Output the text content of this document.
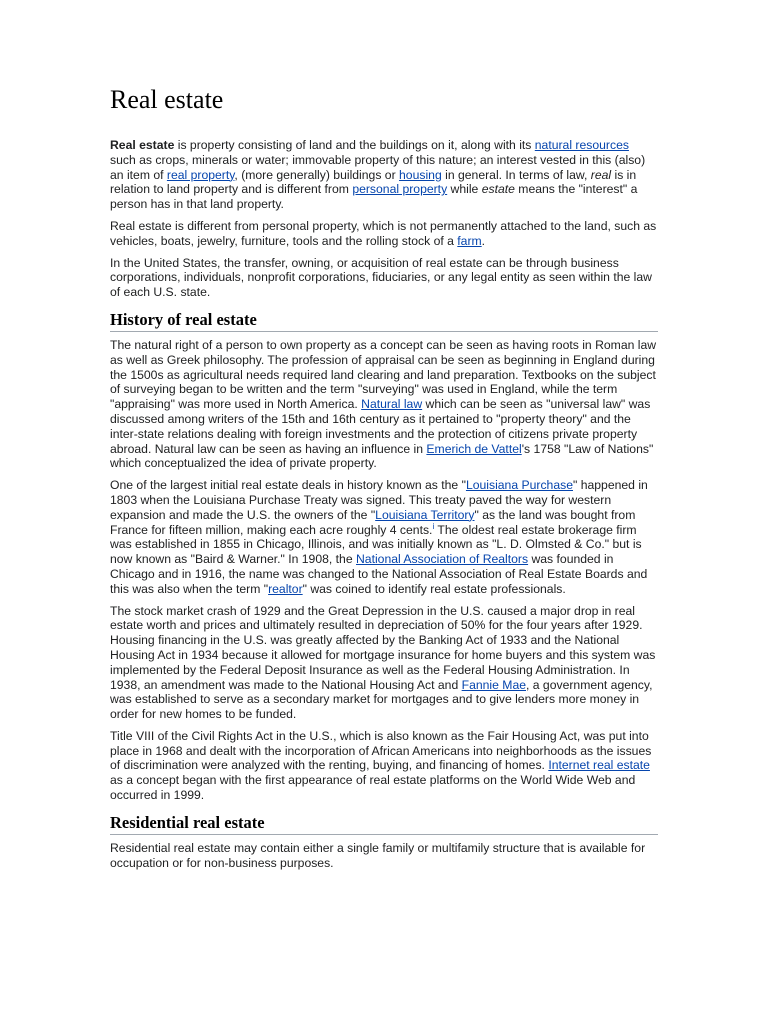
Real estate

Real estate is property consisting of land and the buildings on it, along with its natural resources such as crops, minerals or water; immovable property of this nature; an interest vested in this (also) an item of real property, (more generally) buildings or housing in general. In terms of law, real is in relation to land property and is different from personal property while estate means the "interest" a person has in that land property.

Real estate is different from personal property, which is not permanently attached to the land, such as vehicles, boats, jewelry, furniture, tools and the rolling stock of a farm.

In the United States, the transfer, owning, or acquisition of real estate can be through business corporations, individuals, nonprofit corporations, fiduciaries, or any legal entity as seen within the law of each U.S. state.

History of real estate

The natural right of a person to own property as a concept can be seen as having roots in Roman law as well as Greek philosophy. The profession of appraisal can be seen as beginning in England during the 1500s as agricultural needs required land clearing and land preparation. Textbooks on the subject of surveying began to be written and the term "surveying" was used in England, while the term "appraising" was more used in North America. Natural law which can be seen as "universal law" was discussed among writers of the 15th and 16th century as it pertained to "property theory" and the inter-state relations dealing with foreign investments and the protection of citizens private property abroad. Natural law can be seen as having an influence in Emerich de Vattel's 1758 "Law of Nations" which conceptualized the idea of private property.

One of the largest initial real estate deals in history known as the "Louisiana Purchase" happened in 1803 when the Louisiana Purchase Treaty was signed. This treaty paved the way for western expansion and made the U.S. the owners of the "Louisiana Territory" as the land was bought from France for fifteen million, making each acre roughly 4 cents.$^i$ The oldest real estate brokerage firm was established in 1855 in Chicago, Illinois, and was initially known as "L. D. Olmsted & Co." but is now known as "Baird & Warner." In 1908, the National Association of Realtors was founded in Chicago and in 1916, the name was changed to the National Association of Real Estate Boards and this was also when the term "realtor" was coined to identify real estate professionals.

The stock market crash of 1929 and the Great Depression in the U.S. caused a major drop in real estate worth and prices and ultimately resulted in depreciation of 50% for the four years after 1929. Housing financing in the U.S. was greatly affected by the Banking Act of 1933 and the National Housing Act in 1934 because it allowed for mortgage insurance for home buyers and this system was implemented by the Federal Deposit Insurance as well as the Federal Housing Administration. In 1938, an amendment was made to the National Housing Act and Fannie Mae, a government agency, was established to serve as a secondary market for mortgages and to give lenders more money in order for new homes to be funded.

Title VIII of the Civil Rights Act in the U.S., which is also known as the Fair Housing Act, was put into place in 1968 and dealt with the incorporation of African Americans into neighborhoods as the issues of discrimination were analyzed with the renting, buying, and financing of homes. Internet real estate as a concept began with the first appearance of real estate platforms on the World Wide Web and occurred in 1999.

Residential real estate

Residential real estate may contain either a single family or multifamily structure that is available for occupation or for non-business purposes.
